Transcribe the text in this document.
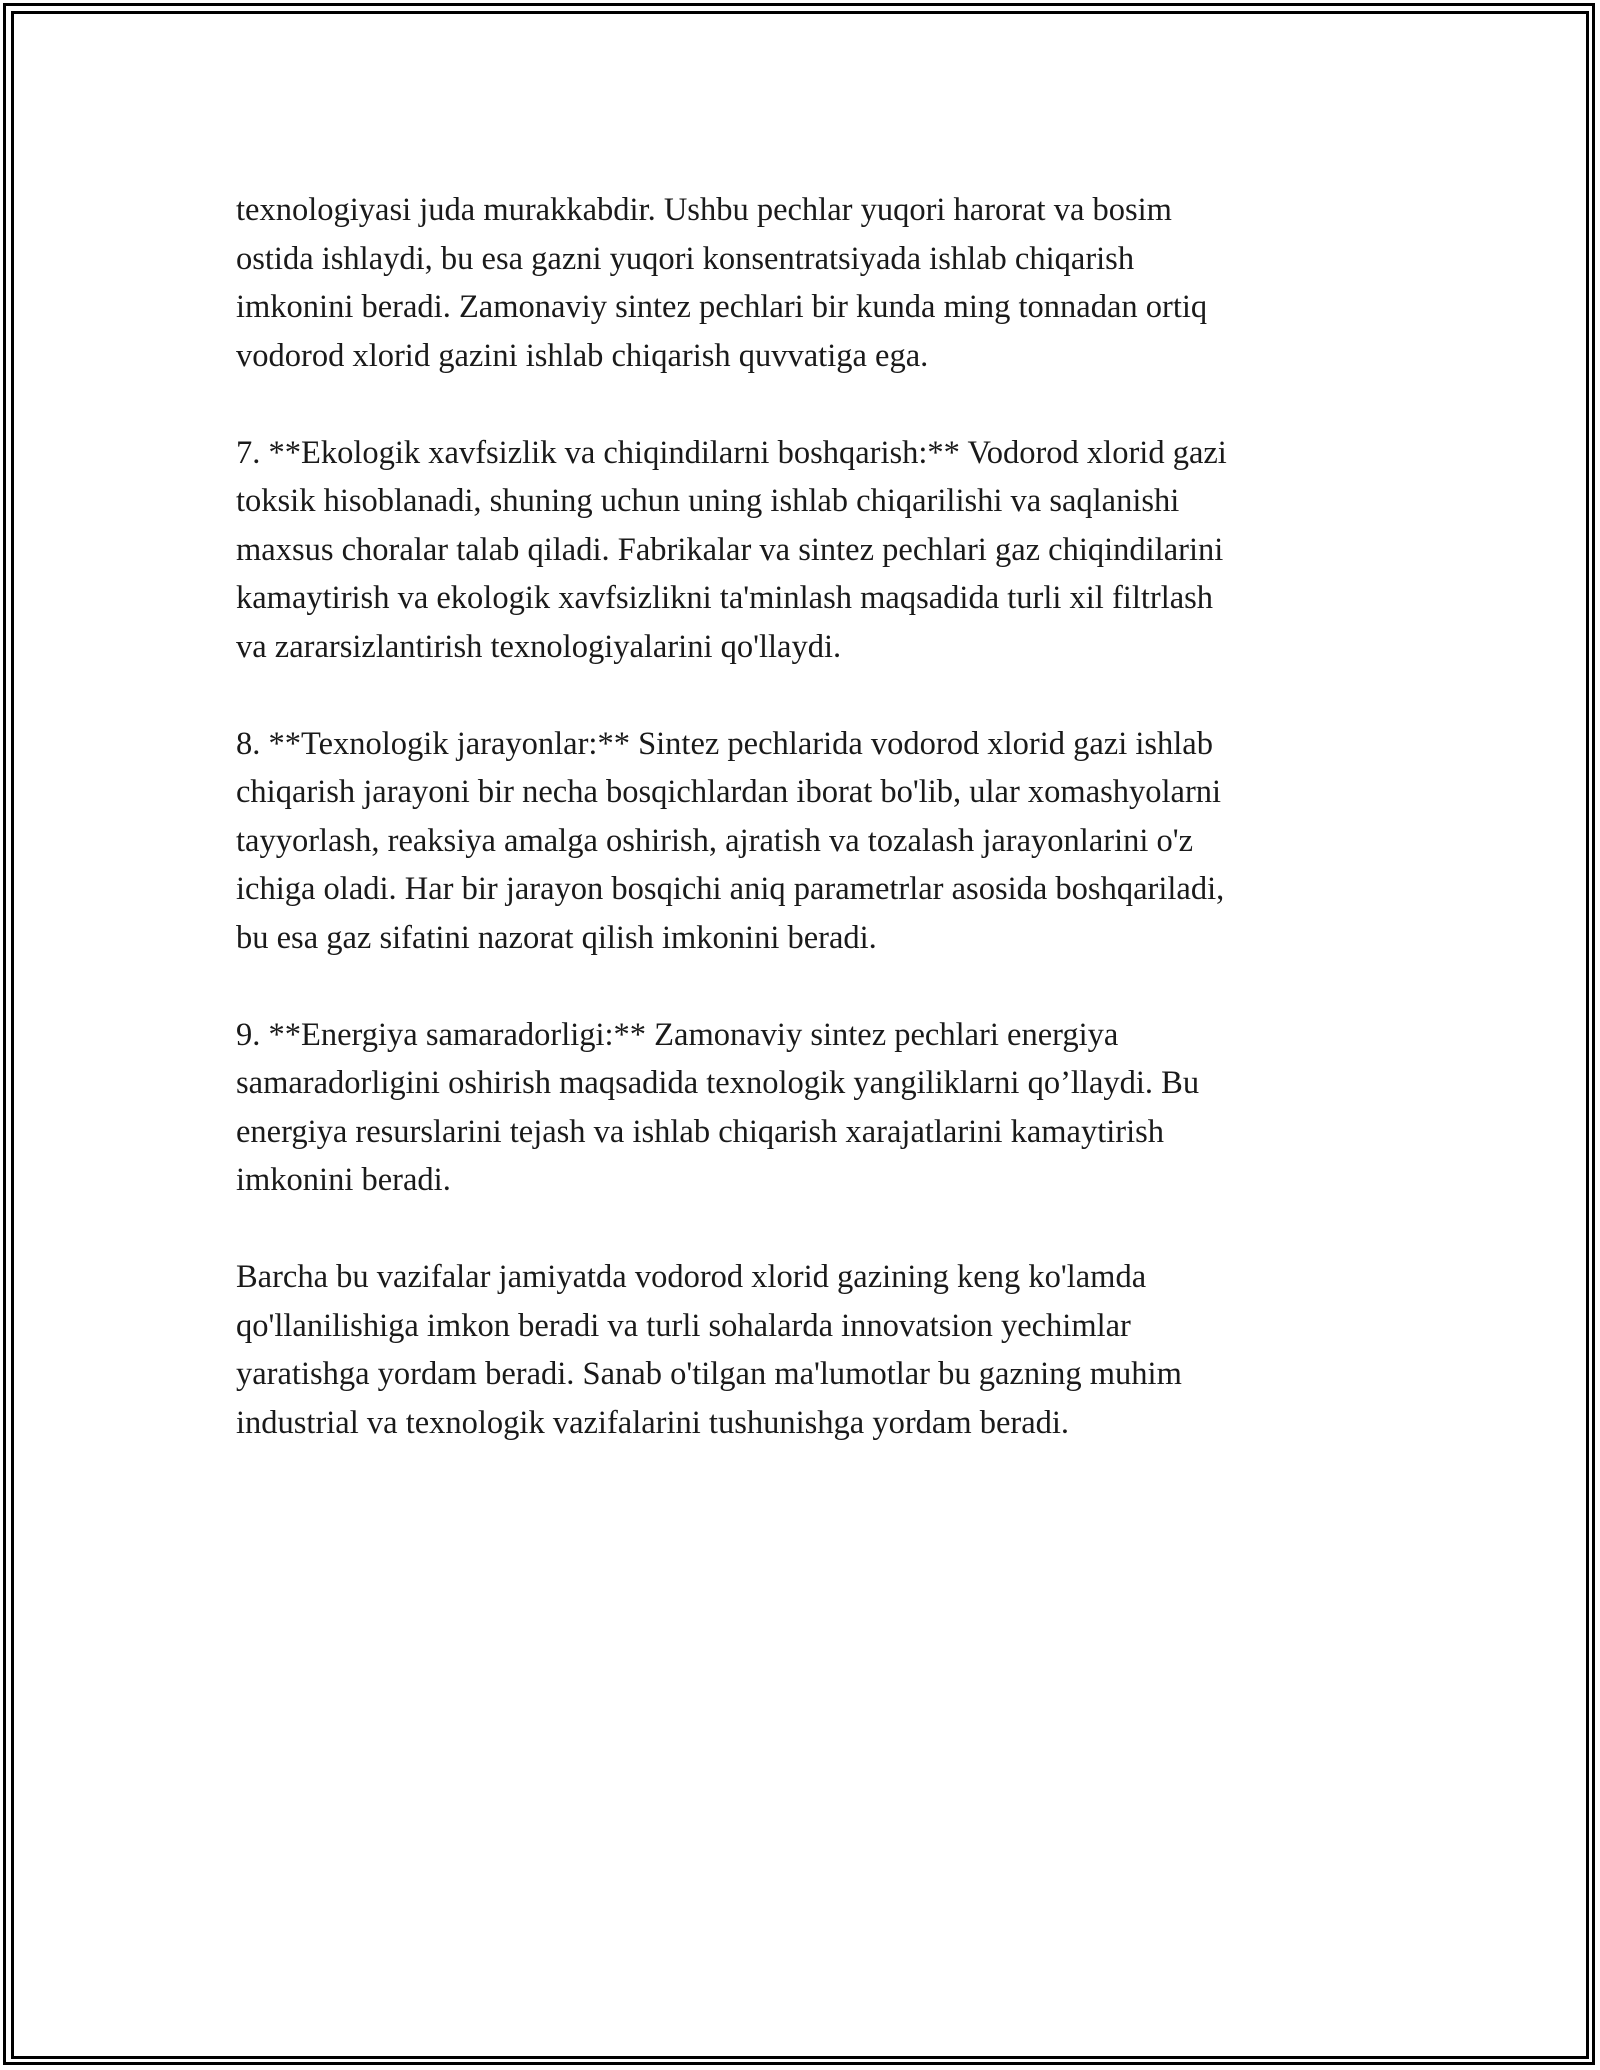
texnologiyasi juda murakkabdir. Ushbu pechlar yuqori harorat va bosim
ostida ishlaydi, bu esa gazni yuqori konsentratsiyada ishlab chiqarish
imkonini beradi. Zamonaviy sintez pechlari bir kunda ming tonnadan ortiq
vodorod xlorid gazini ishlab chiqarish quvvatiga ega.

7. **Ekologik xavfsizlik va chiqindilarni boshqarish:** Vodorod xlorid gazi
toksik hisoblanadi, shuning uchun uning ishlab chiqarilishi va saqlanishi
maxsus choralar talab qiladi. Fabrikalar va sintez pechlari gaz chiqindilarini
kamaytirish va ekologik xavfsizlikni ta'minlash maqsadida turli xil filtrlash
va zararsizlantirish texnologiyalarini qo'llaydi.

8. **Texnologik jarayonlar:** Sintez pechlarida vodorod xlorid gazi ishlab
chiqarish jarayoni bir necha bosqichlardan iborat bo'lib, ular xomashyolarni
tayyorlash, reaksiya amalga oshirish, ajratish va tozalash jarayonlarini o'z
ichiga oladi. Har bir jarayon bosqichi aniq parametrlar asosida boshqariladi,
bu esa gaz sifatini nazorat qilish imkonini beradi.

9. **Energiya samaradorligi:** Zamonaviy sintez pechlari energiya
samaradorligini oshirish maqsadida texnologik yangiliklarni qo’llaydi. Bu
energiya resurslarini tejash va ishlab chiqarish xarajatlarini kamaytirish
imkonini beradi.

Barcha bu vazifalar jamiyatda vodorod xlorid gazining keng ko'lamda
qo'llanilishiga imkon beradi va turli sohalarda innovatsion yechimlar
yaratishga yordam beradi. Sanab o'tilgan ma'lumotlar bu gazning muhim
industrial va texnologik vazifalarini tushunishga yordam beradi.
